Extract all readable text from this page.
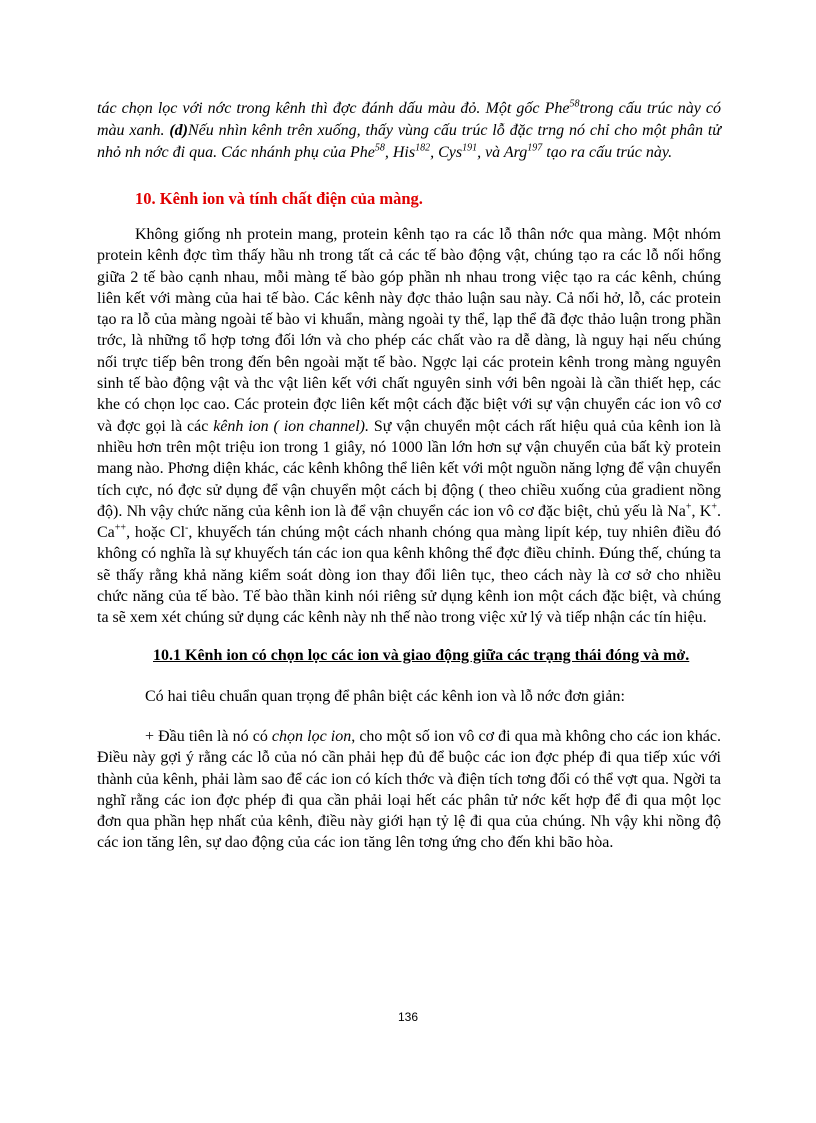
tác chọn lọc với nớc trong kênh thì đợc đánh dấu màu đỏ. Một gốc Phe$^{58}$trong cấu trúc này có màu xanh. (d)Nếu nhìn kênh trên xuống, thấy vùng cấu trúc lỗ đặc trng nó chỉ cho một phân tử nhỏ nh nớc đi qua. Các nhánh phụ của Phe$^{58}$, His$^{182}$, Cys$^{191}$, và Arg$^{197}$ tạo ra cấu trúc này.

10. Kênh ion và tính chất điện của màng.

Không giống nh protein mang, protein kênh tạo ra các lỗ thân nớc qua màng. Một nhóm protein kênh đợc tìm thấy hầu nh trong tất cả các tế bào động vật, chúng tạo ra các lỗ nối hổng giữa 2 tế bào cạnh nhau, mỗi màng tế bào góp phần nh nhau trong việc tạo ra các kênh, chúng liên kết với màng của hai tế bào. Các kênh này đợc thảo luận sau này. Cả nối hở, lỗ, các protein tạo ra lỗ của màng ngoài tế bào vi khuẩn, màng ngoài ty thể, lạp thể đã đợc thảo luận trong phần trớc, là những tổ hợp tơng đối lớn và cho phép các chất vào ra dễ dàng, là nguy hại nếu chúng nối trực tiếp bên trong đến bên ngoài mặt tế bào. Ngợc lại các protein kênh trong màng nguyên sinh tế bào động vật và thc vật liên kết với chất nguyên sinh với bên ngoài là cần thiết hẹp, các khe có chọn lọc cao. Các protein đợc liên kết một cách đặc biệt với sự vận chuyển các ion vô cơ và đợc gọi là các kênh ion ( ion channel). Sự vận chuyển một cách rất hiệu quả của kênh ion là nhiều hơn trên một triệu ion trong 1 giây, nó 1000 lần lớn hơn sự vận chuyển của bất kỳ protein mang nào. Phơng diện khác, các kênh không thể liên kết với một nguồn năng lợng để vận chuyển tích cực, nó đợc sử dụng để vận chuyển một cách bị động ( theo chiều xuống của gradient nồng độ). Nh vậy chức năng của kênh ion là để vận chuyển các ion vô cơ đặc biệt, chủ yếu là Na+, K+. Ca++, hoặc Cl-, khuyếch tán chúng một cách nhanh chóng qua màng lipít kép, tuy nhiên điều đó không có nghĩa là sự khuyếch tán các ion qua kênh không thể đợc điều chỉnh. Đúng thế, chúng ta sẽ thấy rằng khả năng kiểm soát dòng ion thay đổi liên tục, theo cách này là cơ sở cho nhiều chức năng của tế bào. Tế bào thần kinh nói riêng sử dụng kênh ion một cách đặc biệt, và chúng ta sẽ xem xét chúng sử dụng các kênh này nh thế nào trong việc xử lý và tiếp nhận các tín hiệu.

10.1 Kênh ion có chọn lọc các ion và giao động giữa các trạng thái đóng và mở.

Có hai tiêu chuẩn quan trọng để phân biệt các kênh ion và lỗ nớc đơn giản:

+ Đầu tiên là nó có chọn lọc ion, cho một số ion vô cơ đi qua mà không cho các ion khác. Điều này gợi ý rằng các lỗ của nó cần phải hẹp đủ để buộc các ion đợc phép đi qua tiếp xúc với thành của kênh, phải làm sao để các ion có kích thớc và điện tích tơng đối có thể vợt qua. Ngời ta nghĩ rằng các ion đợc phép đi qua cần phải loại hết các phân tử nớc kết hợp để đi qua một lọc đơn qua phần hẹp nhất của kênh, điều này giới hạn tỷ lệ đi qua của chúng. Nh vậy khi nồng độ các ion tăng lên, sự dao động của các ion tăng lên tơng ứng cho đến khi bão hòa.

136
